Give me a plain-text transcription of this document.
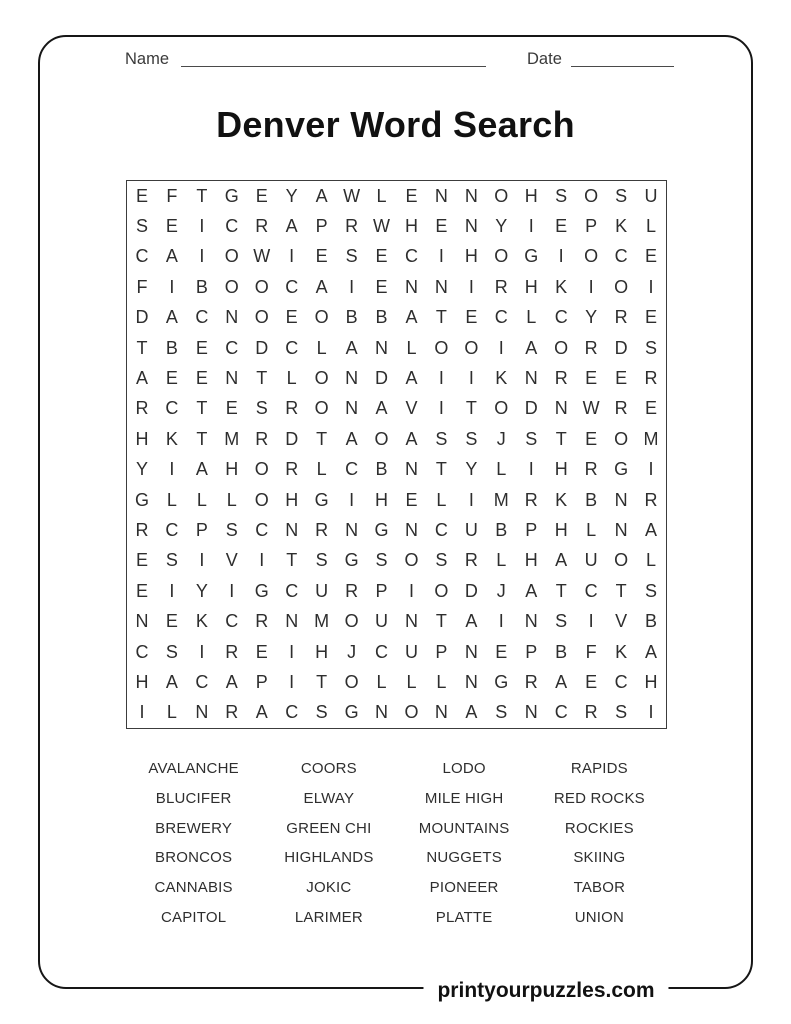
Name	Date
Denver Word Search
E	F	T G E Y A W L	E N N O H S O S U
S E	I	C R A P R W H E N Y	I	E P K	L
C A	I	O W	I	E S E C	I	H O G	I	O C E
F	I	B O O C A	I	E N N	I	R H K	I	O	I
D A C N O E O B B A	T	E C	L	C Y R E
T	B E C D C	L	A N	L O O	I	A O R D S
A E E N T	L O N D A	I	I	K N R E E R
R C T	E S R O N A V	I	T O D N W R E
H K	T M R D T	A O A S S	J	S	T	E O M
Y	I	A H O R	L	C B N T	Y	L	I	H R G	I
G L	L	L O H G	I	H E	L	I	M R K B N R
R C P S C N R N G N C U B P H	L	N A
E S	I	V	I	T	S G S O S R	L	H A U O L
E	I	Y	I	G C U R P	I	O D	J	A	T C T	S
N E K C R N M O U N T	A	I	N S	I	V B
C S	I	R E	I	H	J	C U P N E P B	F	K A
H A C A P	I	T O L	L	L	N G R A E C H
I	L	N R A C S G N O N A S N C R S	I
AVALANCHE
BLUCIFER
BREWERY
BRONCOS
CANNABIS
CAPITOL
COORS
ELWAY
GREEN CHI
HIGHLANDS
JOKIC
LARIMER
LODO
MILE HIGH
MOUNTAINS
NUGGETS
PIONEER
PLATTE
RAPIDS
RED ROCKS
ROCKIES
SKIING
TABOR
UNION
printyourpuzzles.com
